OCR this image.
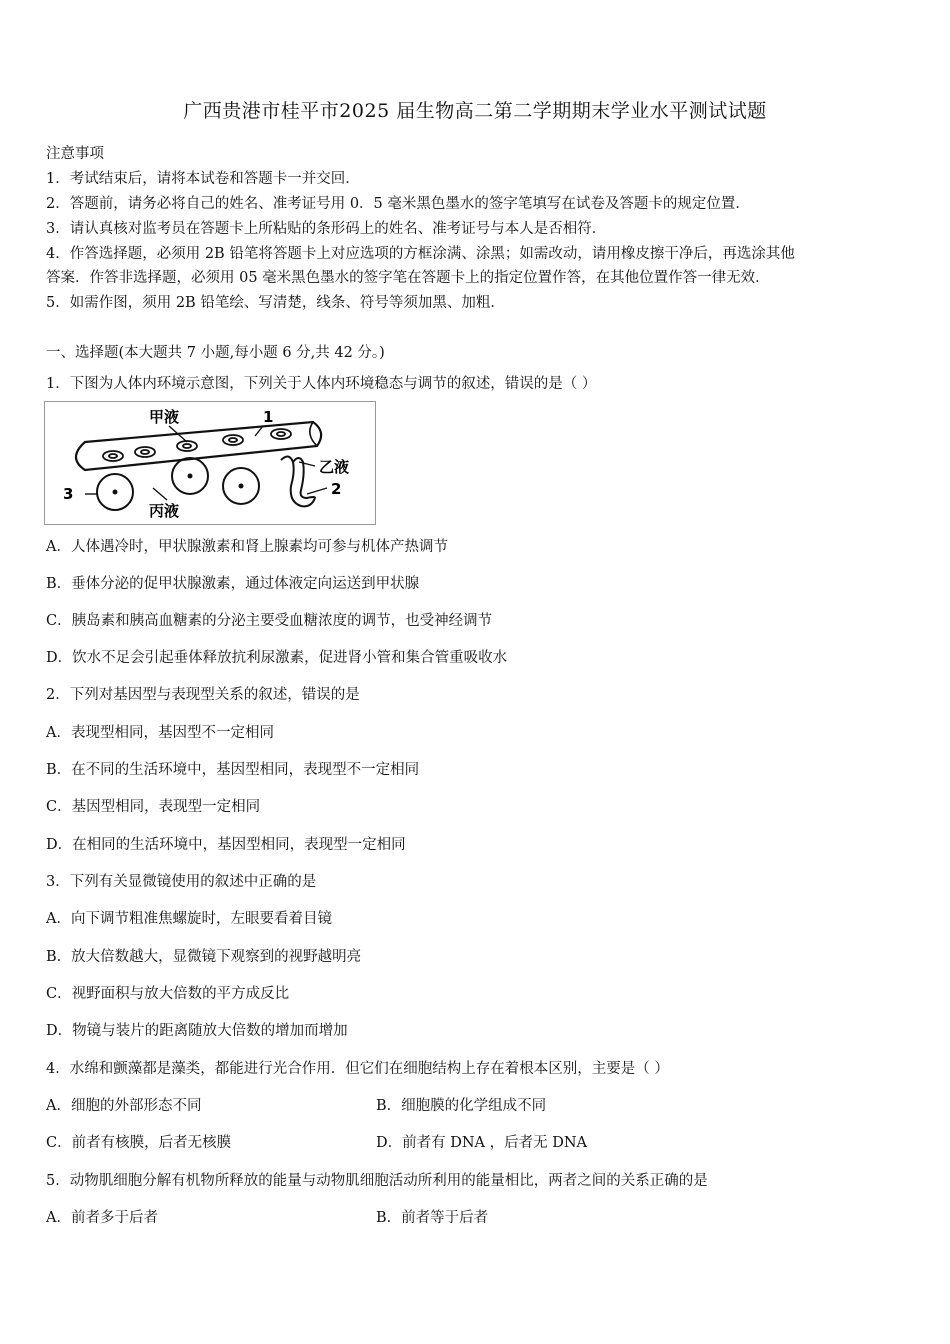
广西贵港市桂平市2025 届生物高二第二学期期末学业水平测试试题
注意事项
1．考试结束后，请将本试卷和答题卡一并交回．
2．答题前，请务必将自己的姓名、准考证号用 0．5 毫米黑色墨水的签字笔填写在试卷及答题卡的规定位置．
3．请认真核对监考员在答题卡上所粘贴的条形码上的姓名、准考证号与本人是否相符．
4．作答选择题，必须用 2B 铅笔将答题卡上对应选项的方框涂满、涂黑；如需改动，请用橡皮擦干净后，再选涂其他
答案．作答非选择题，必须用 05 毫米黑色墨水的签字笔在答题卡上的指定位置作答，在其他位置作答一律无效．
5．如需作图，须用 2B 铅笔绘、写清楚，线条、符号等须加黑、加粗．
一、选择题(本大题共 7 小题,每小题 6 分,共 42 分。)
1．下图为人体内环境示意图，下列关于人体内环境稳态与调节的叙述，错误的是（ ）
甲液	1
乙液
2
3
丙液
A．人体遇冷时，甲状腺激素和肾上腺素均可参与机体产热调节
B．垂体分泌的促甲状腺激素，通过体液定向运送到甲状腺
C．胰岛素和胰高血糖素的分泌主要受血糖浓度的调节，也受神经调节
D．饮水不足会引起垂体释放抗利尿激素，促进肾小管和集合管重吸收水
2．下列对基因型与表现型关系的叙述，错误的是
A．表现型相同，基因型不一定相同
B．在不同的生活环境中，基因型相同，表现型不一定相同
C．基因型相同，表现型一定相同
D．在相同的生活环境中，基因型相同，表现型一定相同
3．下列有关显微镜使用的叙述中正确的是
A．向下调节粗准焦螺旋时，左眼要看着目镜
B．放大倍数越大，显微镜下观察到的视野越明亮
C．视野面积与放大倍数的平方成反比
D．物镜与装片的距离随放大倍数的增加而增加
4．水绵和颤藻都是藻类，都能进行光合作用．但它们在细胞结构上存在着根本区别，主要是（ ）
A．细胞的外部形态不同	B．细胞膜的化学组成不同
C．前者有核膜，后者无核膜	D．前者有 DNA ，后者无 DNA
5．动物肌细胞分解有机物所释放的能量与动物肌细胞活动所利用的能量相比，两者之间的关系正确的是
A．前者多于后者	B．前者等于后者
